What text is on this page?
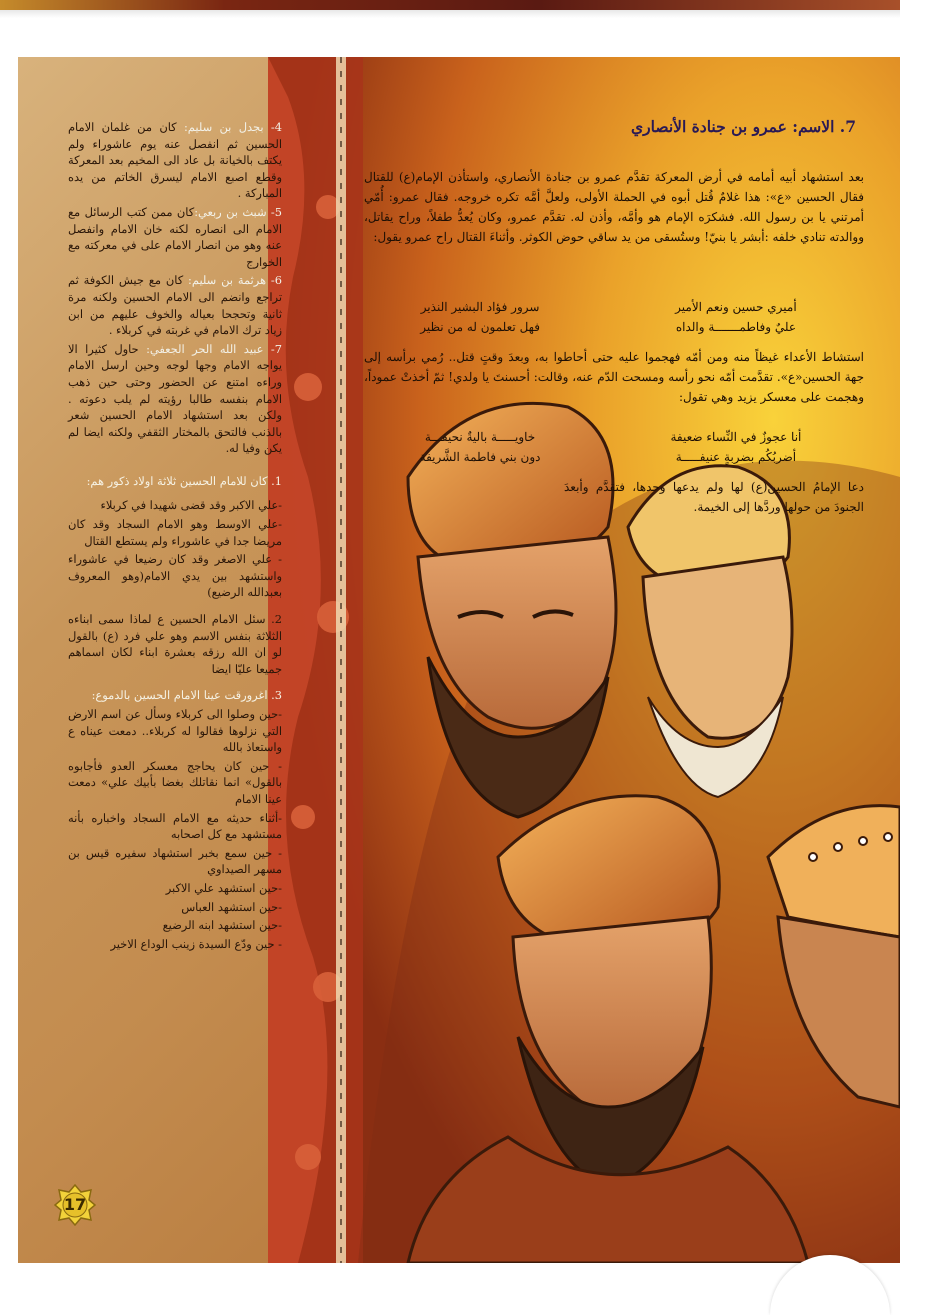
4- بجدل بن سليم: كان من غلمان الامام الحسين ثم انفصل عنه يوم عاشوراء ولم يكتف بالخيانة بل عاد الى المخيم بعد المعركة وقطع اصبع الامام ليسرق الخاتم من يده المباركة .

5- شبث بن ربعي:كان ممن كتب الرسائل مع الامام الى انصاره لكنه خان الامام وانفصل عنه وهو من انصار الامام على في معركته مع الخوارج

6- هرثمة بن سليم: كان مع جيش الكوفة ثم تراجع وانضم الى الامام الحسين ولكنه مرة ثانية وتحجحا بعياله والخوف عليهم من ابن زياد ترك الامام في غربته في كربلاء .

7- عبيد الله الحر الجعفي: حاول كثيرا الا يواجه الامام وجها لوجه وحين ارسل الامام وراءه امتنع عن الحضور وحتى حين ذهب الامام بنفسه طالبا رؤيته لم يلب دعوته . ولكن بعد استشهاد الامام الحسين شعر بالذنب فالتحق بالمختار الثقفي ولكنه ايضا لم يكن وفيا له.

1. كان للامام الحسين ثلاثة اولاد ذكور هم:

-علي الاكبر وقد قضى شهيدا في كربلاء

-علي الاوسط وهو الامام السجاد وقد كان مريضا جدا في عاشوراء ولم يستطع القتال

- علي الاصغر وقد كان رضيعا في عاشوراء واستشهد بين يدي الامام(وهو المعروف بعبدالله الرضيع)

2. سئل الامام الحسين ع لماذا سمى ابناءه الثلاثة بنفس الاسم وهو علي فرد (ع) بالقول لو ان الله رزقه بعشرة ابناء لكان اسماهم جميعا عليّا ايضا

3. اغرورقت عينا الامام الحسين بالدموع:

-حين وصلوا الى كربلاء وسأل عن اسم الارض التي نزلوها فقالوا له كربلاء.. دمعت عيناه ع واستعاذ بالله

- حين كان يحاجج معسكر العدو فأجابوه بالقول» انما نقاتلك بغضا بأبيك علي» دمعت عينا الامام

-أثناء حديثه مع الامام السجاد واخباره بأنه مستشهد مع كل اصحابه

- حين سمع بخبر استشهاد سفيره قيس بن مسهر الصيداوي

-حين استشهد علي الاكبر

-حين استشهد العباس

-حين استشهد ابنه الرضيع

- حين ودّع السيدة زينب الوداع الاخير

17
7. الاسم: عمرو بن جنادة الأنصاري
بعد استشهاد أبيه أمامه في أرض المعركة تقدَّم عمرو بن جنادة الأنصاري، واستأذن الإمام(ع) للقتال فقال الحسين «ع»: هذا غلامٌ قُتل أبوه في الحملة الأولى، ولعلَّ أمَّه تكره خروجه. فقال عمرو: أُمّي أمرتني يا بن رسول الله. فشكرَه الإمام هو وأمَّه، وأذن له. تقدَّم عمرو، وكان يُعدُّ طفلاً، وراح يقاتل، ووالدته تنادي خلفه :أبشر يا بنيّ! وستُسقى من يد ساقي حوض الكوثر. وأثناءَ القتال راح عمرو يقول:
أميري حسين ونعم الأمير
سرور فؤاد البشير النذير
عليٌ وفاطمـــــــة والداه
فهل تعلمون له من نظير
استشاط الأعداء غيظاً منه ومن أمّه فهجموا عليه حتى أحاطوا به، وبعدَ وقتٍ قتل.. رُمي برأسه إلى جهة الحسين«ع». تقدَّمت أمّه نحو رأسه ومسحت الدّم عنه، وقالت: أحسنتَ يا ولدي! ثمّ أخذتْ عموداً، وهجمت على معسكر يزيد وهي تقول:
أنا عجوزٌ في النِّساء ضعيفة
خاويـــــة باليةٌ نحيفـــة
أضربُكُم بضربةٍ عنيفـــــة
دون بني فاطمة الشَّريفة
دعا الإمامُ الحسين(ع) لها ولم يدعها وحدها، فتقدَّم وأبعدَ الجنودَ من حولها وردَّها إلى الخيمة.
